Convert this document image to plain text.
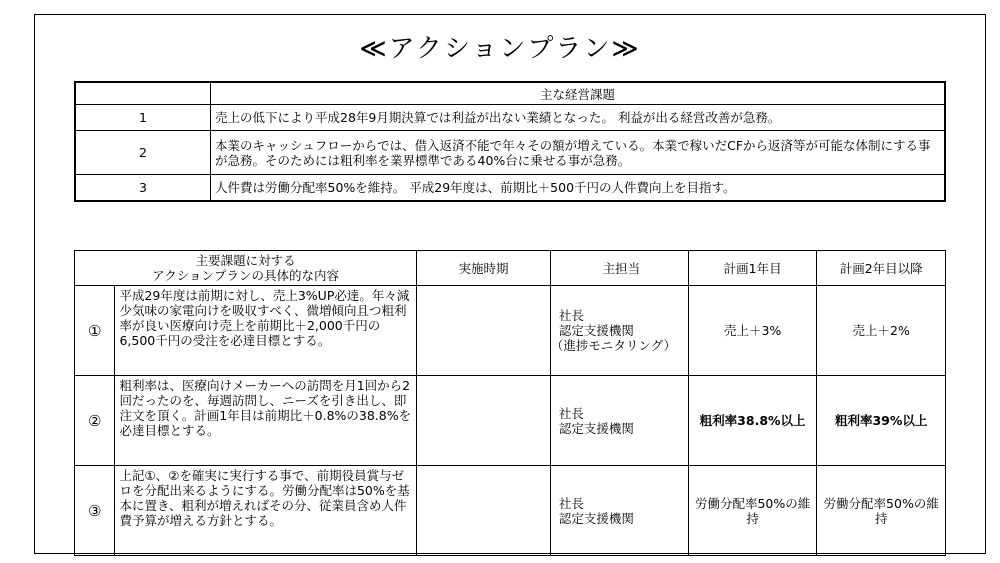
≪アクションプラン≫
	主な経営課題
1	売上の低下により平成28年9月期決算では利益が出ない業績となった。 利益が出る経営改善が急務。
2	本業のキャッシュフローからでは、借入返済不能で年々その額が増えている。本業で稼いだCFから返済等が可能な体制にする事が急務。そのためには粗利率を業界標準である40%台に乗せる事が急務。
3	人件費は労働分配率50%を維持。 平成29年度は、前期比＋500千円の人件費向上を目指す。
主要課題に対する
アクションプランの具体的な内容		実施時期	主担当	計画1年目	計画2年目以降
①	平成29年度は前期に対し、売上3%UP必達。年々減少気味の家電向けを吸収すべく、微増傾向且つ粗利率が良い医療向け売上を前期比＋2,000千円の6,500千円の受注を必達目標とする。		社長
認定支援機関
（進捗モニタリング）	売上＋3%	売上＋2%
②	粗利率は、医療向けメーカーへの訪問を月1回から2回だったのを、毎週訪問し、ニーズを引き出し、即注文を頂く。計画1年目は前期比＋0.8%の38.8%を必達目標とする。		社長
認定支援機関	粗利率38.8%以上	粗利率39%以上
③	上記①、②を確実に実行する事で、前期役員賞与ゼロを分配出来るようにする。労働分配率は50%を基本に置き、粗利が増えればその分、従業員含め人件費予算が増える方針とする。		社長
認定支援機関	労働分配率50%の維持	労働分配率50%の維持
